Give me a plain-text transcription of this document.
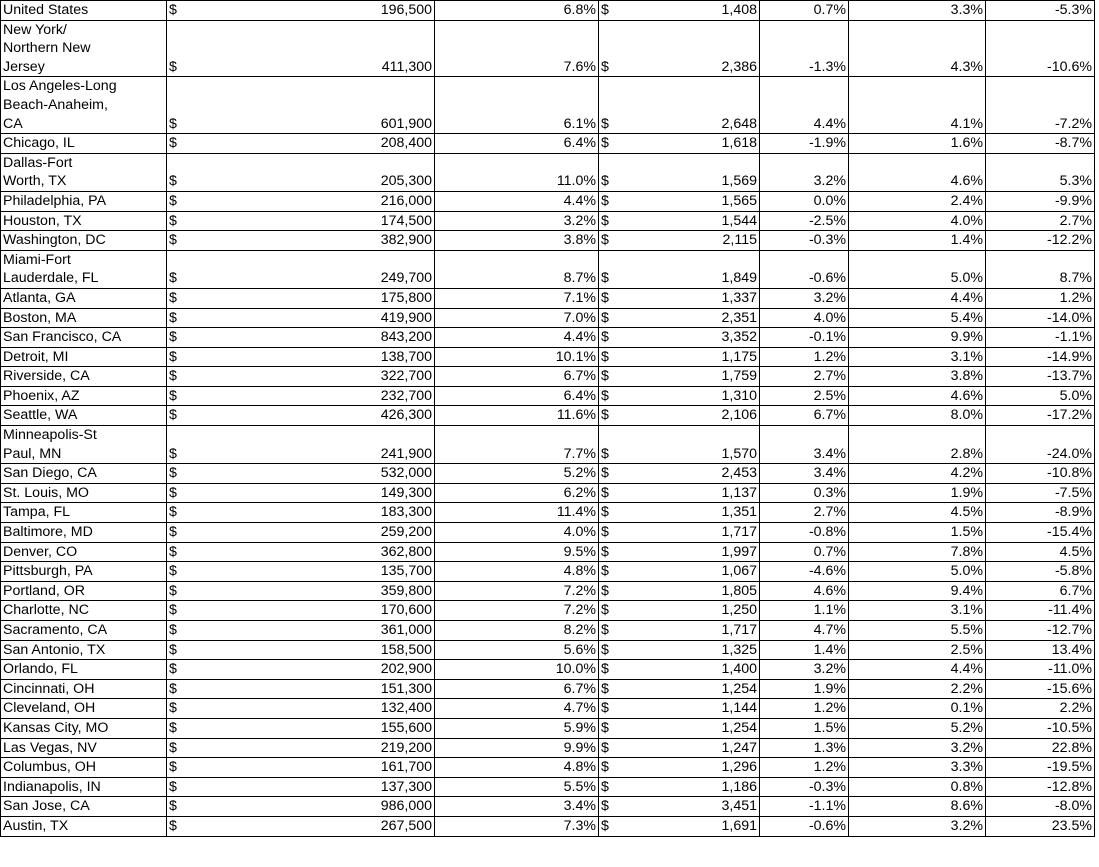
United States	$	196,500	6.8%	$	1,408	0.7%	3.3%	-5.3%
New York/
Northern New
Jersey	$	411,300	7.6%	$	2,386	-1.3%	4.3%	-10.6%
Los Angeles-Long
Beach-Anaheim,
CA	$	601,900	6.1%	$	2,648	4.4%	4.1%	-7.2%
Chicago, IL	$	208,400	6.4%	$	1,618	-1.9%	1.6%	-8.7%
Dallas-Fort
Worth, TX	$	205,300	11.0%	$	1,569	3.2%	4.6%	5.3%
Philadelphia, PA	$	216,000	4.4%	$	1,565	0.0%	2.4%	-9.9%
Houston, TX	$	174,500	3.2%	$	1,544	-2.5%	4.0%	2.7%
Washington, DC	$	382,900	3.8%	$	2,115	-0.3%	1.4%	-12.2%
Miami-Fort
Lauderdale, FL	$	249,700	8.7%	$	1,849	-0.6%	5.0%	8.7%
Atlanta, GA	$	175,800	7.1%	$	1,337	3.2%	4.4%	1.2%
Boston, MA	$	419,900	7.0%	$	2,351	4.0%	5.4%	-14.0%
San Francisco, CA	$	843,200	4.4%	$	3,352	-0.1%	9.9%	-1.1%
Detroit, MI	$	138,700	10.1%	$	1,175	1.2%	3.1%	-14.9%
Riverside, CA	$	322,700	6.7%	$	1,759	2.7%	3.8%	-13.7%
Phoenix, AZ	$	232,700	6.4%	$	1,310	2.5%	4.6%	5.0%
Seattle, WA	$	426,300	11.6%	$	2,106	6.7%	8.0%	-17.2%
Minneapolis-St
Paul, MN	$	241,900	7.7%	$	1,570	3.4%	2.8%	-24.0%
San Diego, CA	$	532,000	5.2%	$	2,453	3.4%	4.2%	-10.8%
St. Louis, MO	$	149,300	6.2%	$	1,137	0.3%	1.9%	-7.5%
Tampa, FL	$	183,300	11.4%	$	1,351	2.7%	4.5%	-8.9%
Baltimore, MD	$	259,200	4.0%	$	1,717	-0.8%	1.5%	-15.4%
Denver, CO	$	362,800	9.5%	$	1,997	0.7%	7.8%	4.5%
Pittsburgh, PA	$	135,700	4.8%	$	1,067	-4.6%	5.0%	-5.8%
Portland, OR	$	359,800	7.2%	$	1,805	4.6%	9.4%	6.7%
Charlotte, NC	$	170,600	7.2%	$	1,250	1.1%	3.1%	-11.4%
Sacramento, CA	$	361,000	8.2%	$	1,717	4.7%	5.5%	-12.7%
San Antonio, TX	$	158,500	5.6%	$	1,325	1.4%	2.5%	13.4%
Orlando, FL	$	202,900	10.0%	$	1,400	3.2%	4.4%	-11.0%
Cincinnati, OH	$	151,300	6.7%	$	1,254	1.9%	2.2%	-15.6%
Cleveland, OH	$	132,400	4.7%	$	1,144	1.2%	0.1%	2.2%
Kansas City, MO	$	155,600	5.9%	$	1,254	1.5%	5.2%	-10.5%
Las Vegas, NV	$	219,200	9.9%	$	1,247	1.3%	3.2%	22.8%
Columbus, OH	$	161,700	4.8%	$	1,296	1.2%	3.3%	-19.5%
Indianapolis, IN	$	137,300	5.5%	$	1,186	-0.3%	0.8%	-12.8%
San Jose, CA	$	986,000	3.4%	$	3,451	-1.1%	8.6%	-8.0%
Austin, TX	$	267,500	7.3%	$	1,691	-0.6%	3.2%	23.5%
